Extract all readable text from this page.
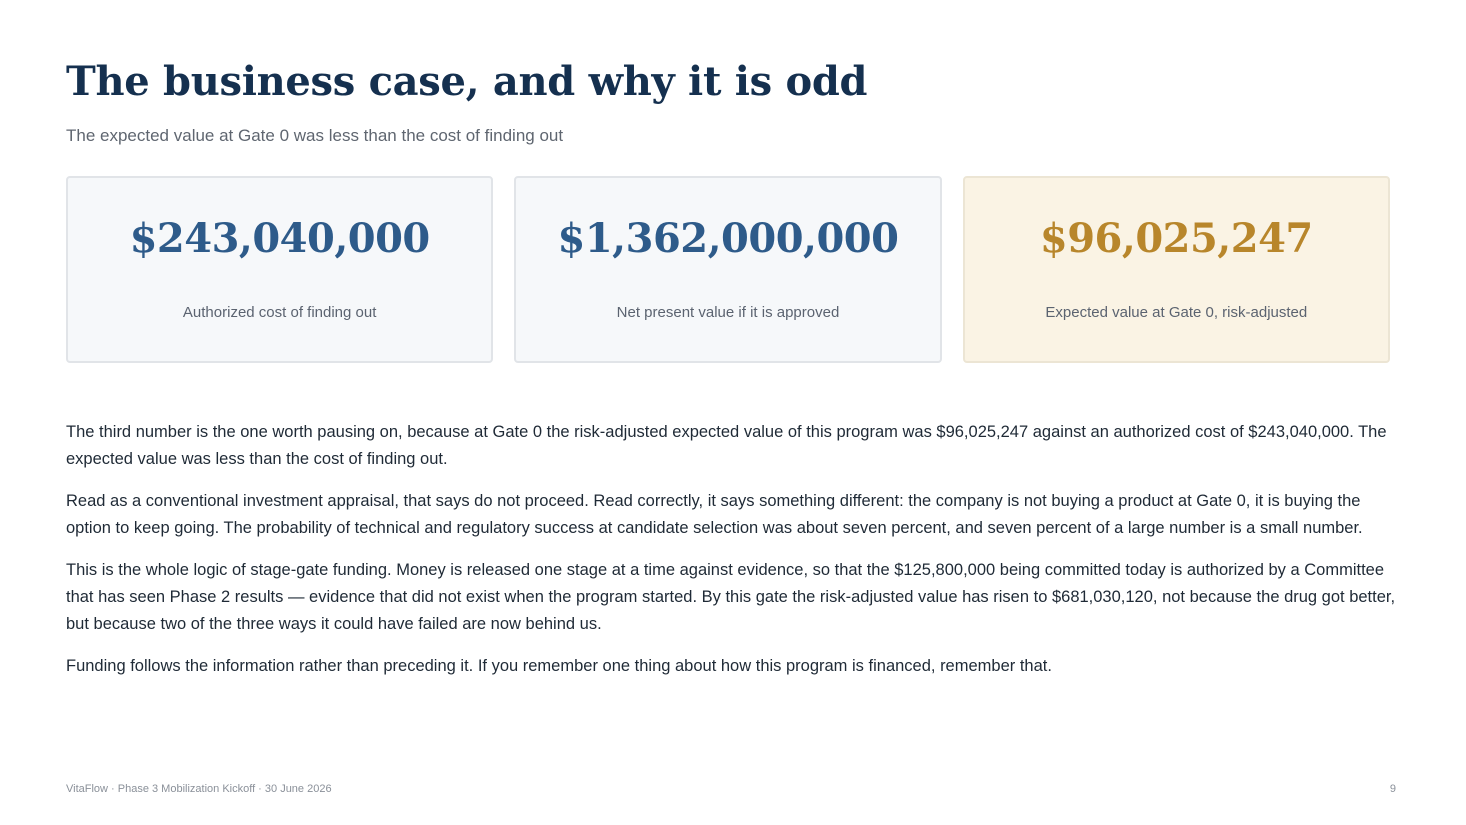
The business case, and why it is odd

The expected value at Gate 0 was less than the cost of finding out

$243,040,000
Authorized cost of finding out
$1,362,000,000
Net present value if it is approved
$96,025,247
Expected value at Gate 0, risk-adjusted

The third number is the one worth pausing on, because at Gate 0 the risk-adjusted expected value of this program was $96,025,247 against an authorized cost of $243,040,000. The expected value was less than the cost of finding out.

Read as a conventional investment appraisal, that says do not proceed. Read correctly, it says something different: the company is not buying a product at Gate 0, it is buying the option to keep going. The probability of technical and regulatory success at candidate selection was about seven percent, and seven percent of a large number is a small number.

This is the whole logic of stage-gate funding. Money is released one stage at a time against evidence, so that the $125,800,000 being committed today is authorized by a Committee that has seen Phase 2 results — evidence that did not exist when the program started. By this gate the risk-adjusted value has risen to $681,030,120, not because the drug got better, but because two of the three ways it could have failed are now behind us.

Funding follows the information rather than preceding it. If you remember one thing about how this program is financed, remember that.

VitaFlow · Phase 3 Mobilization Kickoff · 30 June 2026	9
